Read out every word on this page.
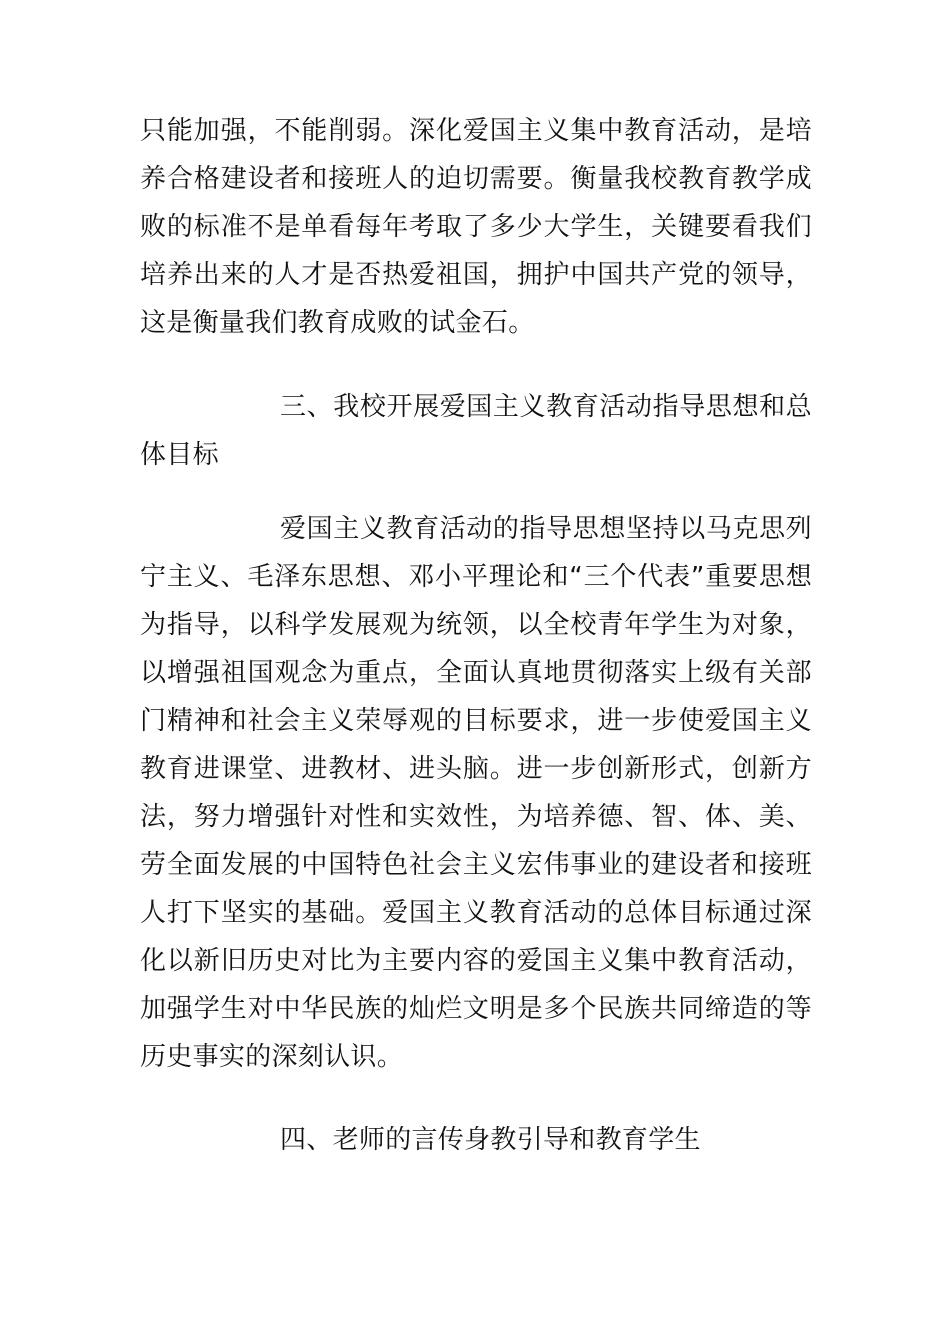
只能加强，不能削弱。深化爱国主义集中教育活动，是培养合格建设者和接班人的迫切需要。衡量我校教育教学成败的标准不是单看每年考取了多少大学生，关键要看我们培养出来的人才是否热爱祖国，拥护中国共产党的领导，这是衡量我们教育成败的试金石。

三、我校开展爱国主义教育活动指导思想和总体目标

爱国主义教育活动的指导思想坚持以马克思列宁主义、毛泽东思想、邓小平理论和“三个代表”重要思想为指导，以科学发展观为统领，以全校青年学生为对象，以增强祖国观念为重点，全面认真地贯彻落实上级有关部门精神和社会主义荣辱观的目标要求，进一步使爱国主义教育进课堂、进教材、进头脑。进一步创新形式，创新方法，努力增强针对性和实效性，为培养德、智、体、美、劳全面发展的中国特色社会主义宏伟事业的建设者和接班人打下坚实的基础。爱国主义教育活动的总体目标通过深化以新旧历史对比为主要内容的爱国主义集中教育活动，加强学生对中华民族的灿烂文明是多个民族共同缔造的等历史事实的深刻认识。

四、老师的言传身教引导和教育学生
